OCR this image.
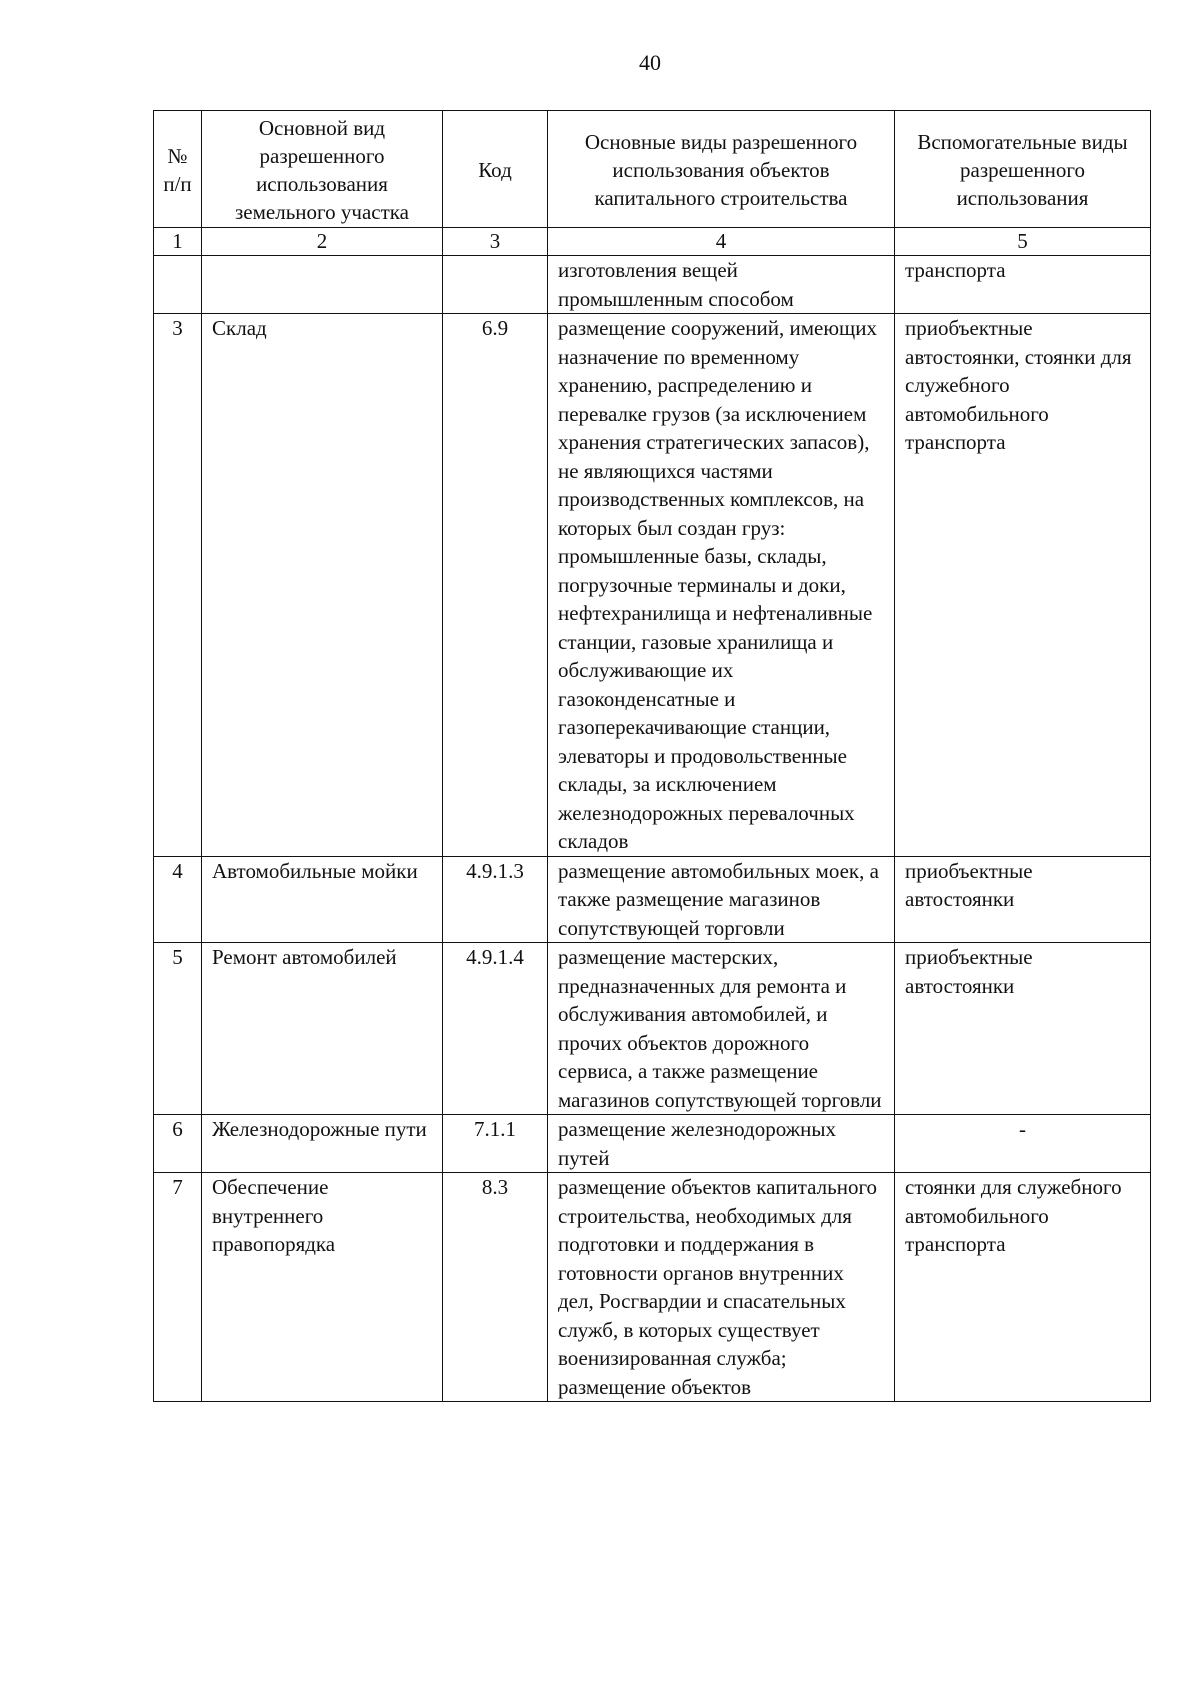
40
№ п/п	Основной вид разрешенного использования земельного участка	Код	Основные виды разрешенного использования объектов капитального строительства	Вспомогательные виды разрешенного использования
1	2	3	4	5
			изготовления вещей промышленным способом	транспорта
3	Склад	6.9	размещение сооружений, имеющих назначение по временному хранению, распределению и перевалке грузов (за исключением хранения стратегических запасов), не являющихся частями производственных комплексов, на которых был создан груз: промышленные базы, склады, погрузочные терминалы и доки, нефтехранилища и нефтеналивные станции, газовые хранилища и обслуживающие их газоконденсатные и газоперекачивающие станции, элеваторы и продовольственные склады, за исключением железнодорожных перевалочных складов	приобъектные автостоянки, стоянки для служебного автомобильного транспорта
4	Автомобильные мойки	4.9.1.3	размещение автомобильных моек, а также размещение магазинов сопутствующей торговли	приобъектные автостоянки
5	Ремонт автомобилей	4.9.1.4	размещение мастерских, предназначенных для ремонта и обслуживания автомобилей, и прочих объектов дорожного сервиса, а также размещение магазинов сопутствующей торговли	приобъектные автостоянки
6	Железнодорожные пути	7.1.1	размещение железнодорожных путей	-
7	Обеспечение внутреннего правопорядка	8.3	размещение объектов капитального строительства, необходимых для подготовки и поддержания в готовности органов внутренних дел, Росгвардии и спасательных служб, в которых существует военизированная служба; размещение объектов	стоянки для служебного автомобильного транспорта
